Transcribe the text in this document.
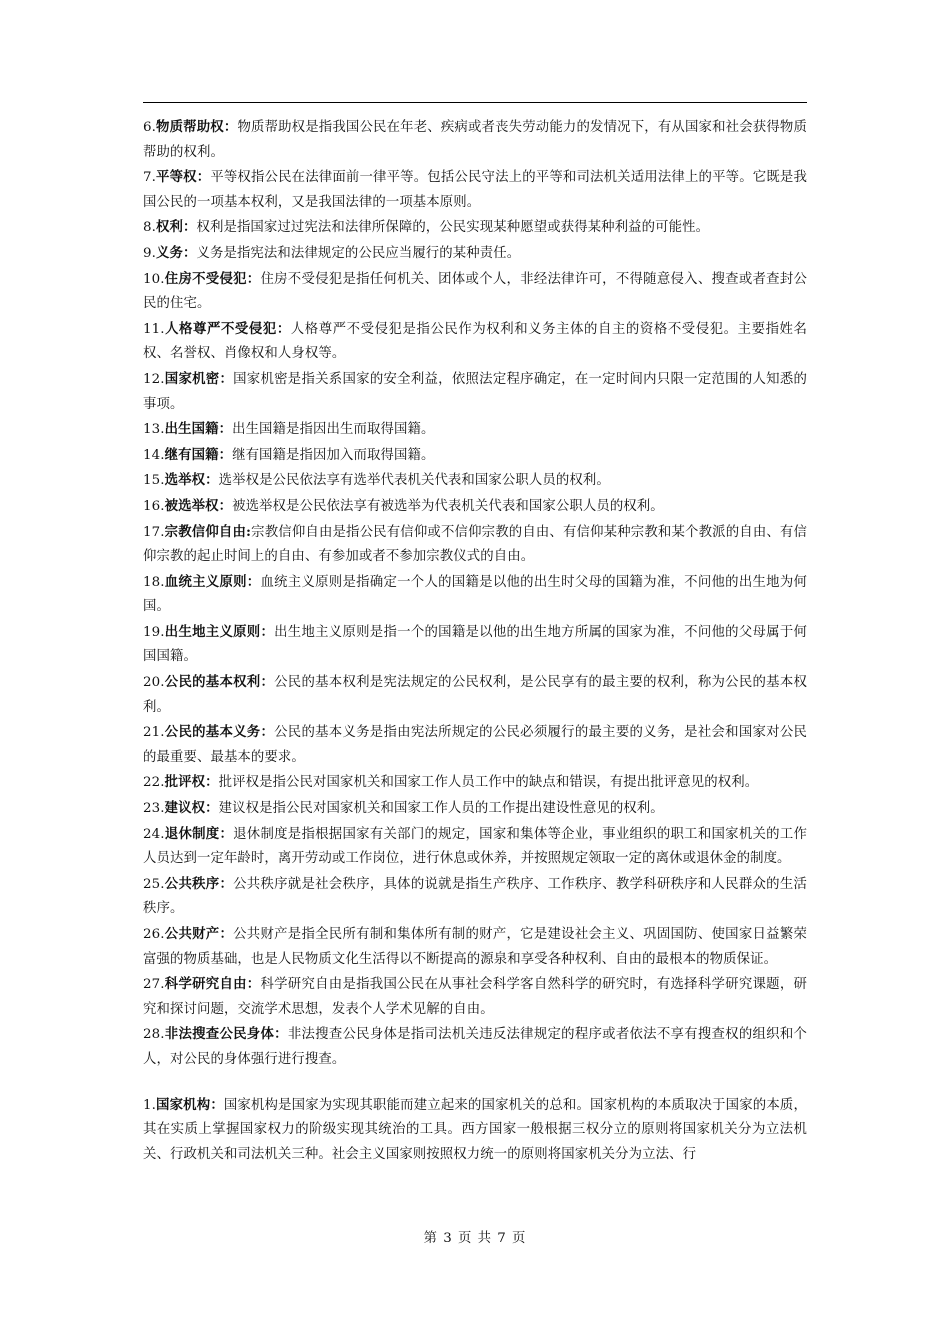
6.物质帮助权：物质帮助权是指我国公民在年老、疾病或者丧失劳动能力的发情况下，有从国家和社会获得物质帮助的权利。

7.平等权：平等权指公民在法律面前一律平等。包括公民守法上的平等和司法机关适用法律上的平等。它既是我国公民的一项基本权利，又是我国法律的一项基本原则。

8.权利：权利是指国家过过宪法和法律所保障的，公民实现某种愿望或获得某种利益的可能性。

9.义务：义务是指宪法和法律规定的公民应当履行的某种责任。

10.住房不受侵犯：住房不受侵犯是指任何机关、团体或个人，非经法律许可，不得随意侵入、搜查或者查封公民的住宅。

11.人格尊严不受侵犯：人格尊严不受侵犯是指公民作为权利和义务主体的自主的资格不受侵犯。主要指姓名权、名誉权、肖像权和人身权等。

12.国家机密：国家机密是指关系国家的安全利益，依照法定程序确定，在一定时间内只限一定范围的人知悉的事项。

13.出生国籍：出生国籍是指因出生而取得国籍。

14.继有国籍：继有国籍是指因加入而取得国籍。

15.选举权：选举权是公民依法享有选举代表机关代表和国家公职人员的权利。

16.被选举权：被选举权是公民依法享有被选举为代表机关代表和国家公职人员的权利。

17.宗教信仰自由:宗教信仰自由是指公民有信仰或不信仰宗教的自由、有信仰某种宗教和某个教派的自由、有信仰宗教的起止时间上的自由、有参加或者不参加宗教仪式的自由。

18.血统主义原则：血统主义原则是指确定一个人的国籍是以他的出生时父母的国籍为准，不问他的出生地为何国。

19.出生地主义原则：出生地主义原则是指一个的国籍是以他的出生地方所属的国家为准，不问他的父母属于何国国籍。

20.公民的基本权利：公民的基本权利是宪法规定的公民权利，是公民享有的最主要的权利，称为公民的基本权利。

21.公民的基本义务：公民的基本义务是指由宪法所规定的公民必须履行的最主要的义务，是社会和国家对公民的最重要、最基本的要求。

22.批评权：批评权是指公民对国家机关和国家工作人员工作中的缺点和错误，有提出批评意见的权利。

23.建议权：建议权是指公民对国家机关和国家工作人员的工作提出建设性意见的权利。

24.退休制度：退休制度是指根据国家有关部门的规定，国家和集体等企业，事业组织的职工和国家机关的工作人员达到一定年龄时，离开劳动或工作岗位，进行休息或休养，并按照规定领取一定的离休或退休金的制度。

25.公共秩序：公共秩序就是社会秩序，具体的说就是指生产秩序、工作秩序、教学科研秩序和人民群众的生活秩序。

26.公共财产：公共财产是指全民所有制和集体所有制的财产，它是建设社会主义、巩固国防、使国家日益繁荣富强的物质基础，也是人民物质文化生活得以不断提高的源泉和享受各种权利、自由的最根本的物质保证。

27.科学研究自由：科学研究自由是指我国公民在从事社会科学客自然科学的研究时，有选择科学研究课题，研究和探讨问题，交流学术思想，发表个人学术见解的自由。

28.非法搜查公民身体：非法搜查公民身体是指司法机关违反法律规定的程序或者依法不享有搜查权的组织和个人，对公民的身体强行进行搜查。

1.国家机构：国家机构是国家为实现其职能而建立起来的国家机关的总和。国家机构的本质取决于国家的本质，其在实质上掌握国家权力的阶级实现其统治的工具。西方国家一般根据三权分立的原则将国家机关分为立法机关、行政机关和司法机关三种。社会主义国家则按照权力统一的原则将国家机关分为立法、行

第 3 页 共 7 页
